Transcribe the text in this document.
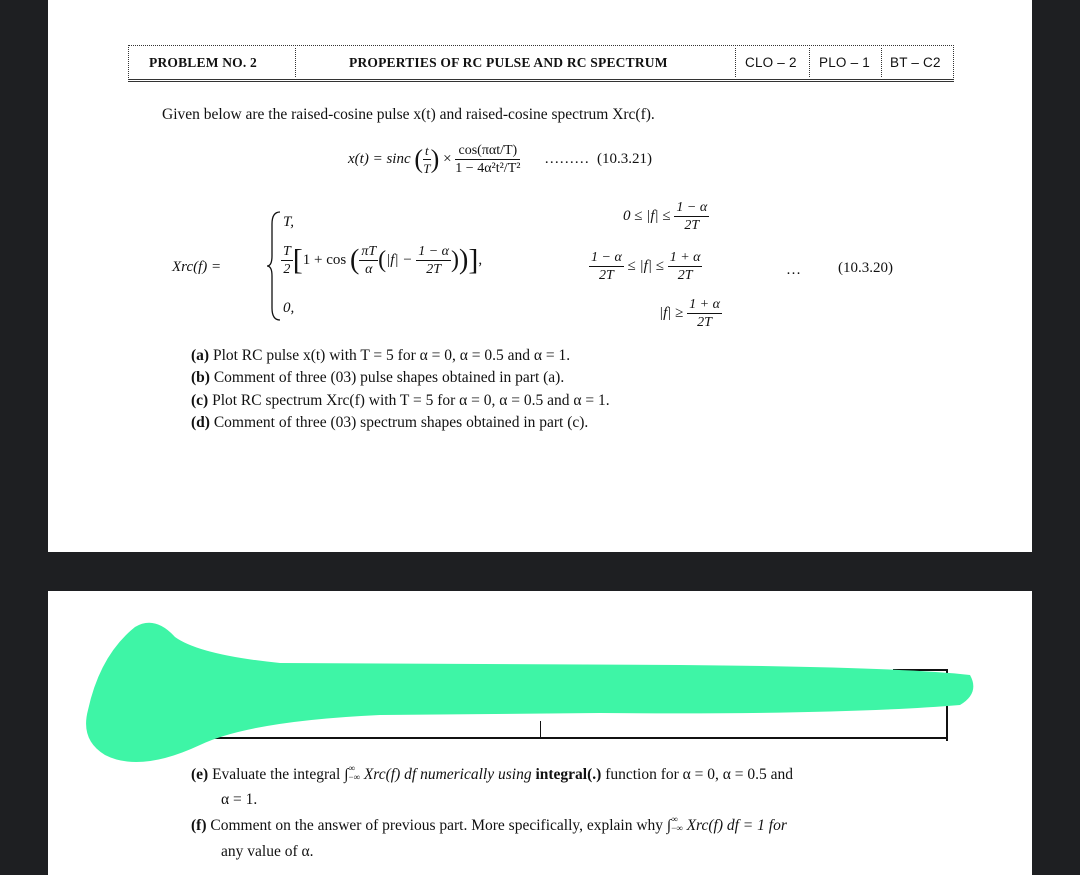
PROBLEM NO. 2	PROPERTIES OF RC PULSE AND RC SPECTRUM	CLO – 2 PLO – 1 BT – C2
Given below are the raised-cosine pulse x(t) and raised-cosine spectrum Xrc(f).
x(t) = sinc ( $\frac{t}{T}$ ) × $\frac{\text{cos(παt/T)}}{\text{1 − 4α²t²/T²}}$ ……… (10.3.21)
Xrc(f) =
T,
$\frac{T}{2} [1 + \cos$ ( $\frac{\pi T}{\alpha} (|f| - \frac{1 - \alpha}{2T}$ ))],
0,
$0 \le |f| \le \frac{1 - \alpha}{2T}$
$\frac{1 - \alpha}{2T} \le |f| \le \frac{1 + \alpha}{2T}$
$|f| \ge \frac{1 + \alpha}{2T}$
… (10.3.20)
(a) Plot RC pulse x(t) with T = 5 for α = 0, α = 0.5 and α = 1.
(b) Comment of three (03) pulse shapes obtained in part (a).
(c) Plot RC spectrum Xrc(f) with T = 5 for α = 0, α = 0.5 and α = 1.
(d) Comment of three (03) spectrum shapes obtained in part (c).
(e) Evaluate the integral ∫ ∞
−∞ Xrc(f) df numerically using integral(.) function for α = 0, α = 0.5 and
α = 1.
(f) Comment on the answer of previous part. More specifically, explain why ∫ ∞
−∞ Xrc(f) df = 1 for
any value of α.
